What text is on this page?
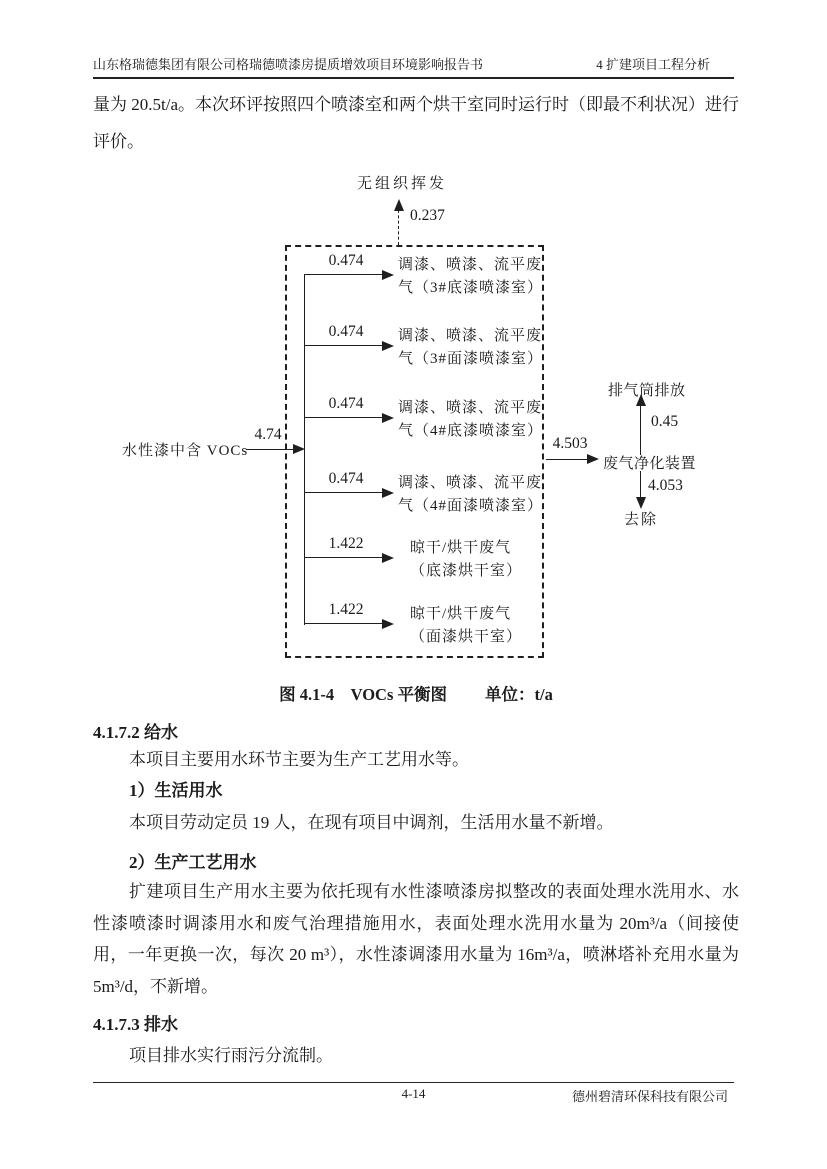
山东格瑞德集团有限公司格瑞德喷漆房提质增效项目环境影响报告书	4 扩建项目工程分析

量为 20.5t/a。本次环评按照四个喷漆室和两个烘干室同时运行时（即最不利状况）进行评价。

无组织挥发
0.237
水性漆中含 VOCs
4.74
0.474	调漆、喷漆、流平废
气（3#底漆喷漆室）
0.474	调漆、喷漆、流平废
气（3#面漆喷漆室）
0.474	调漆、喷漆、流平废
气（4#底漆喷漆室）
0.474	调漆、喷漆、流平废
气（4#面漆喷漆室）
1.422	晾干/烘干废气
（底漆烘干室）
1.422	晾干/烘干废气
（面漆烘干室）
4.503
废气净化装置
排气筒排放
0.45
4.053
去除
图 4.1-4　VOCs 平衡图 单位：t/a
4.1.7.2 给水

本项目主要用水环节主要为生产工艺用水等。

1）生活用水

本项目劳动定员 19 人，在现有项目中调剂，生活用水量不新增。

2）生产工艺用水

扩建项目生产用水主要为依托现有水性漆喷漆房拟整改的表面处理水洗用水、水性漆喷漆时调漆用水和废气治理措施用水，表面处理水洗用水量为 20m³/a（间接使用，一年更换一次，每次 20 m³），水性漆调漆用水量为 16m³/a，喷淋塔补充用水量为 5m³/d，不新增。

4.1.7.3 排水

项目排水实行雨污分流制。

4-14	德州碧清环保科技有限公司
